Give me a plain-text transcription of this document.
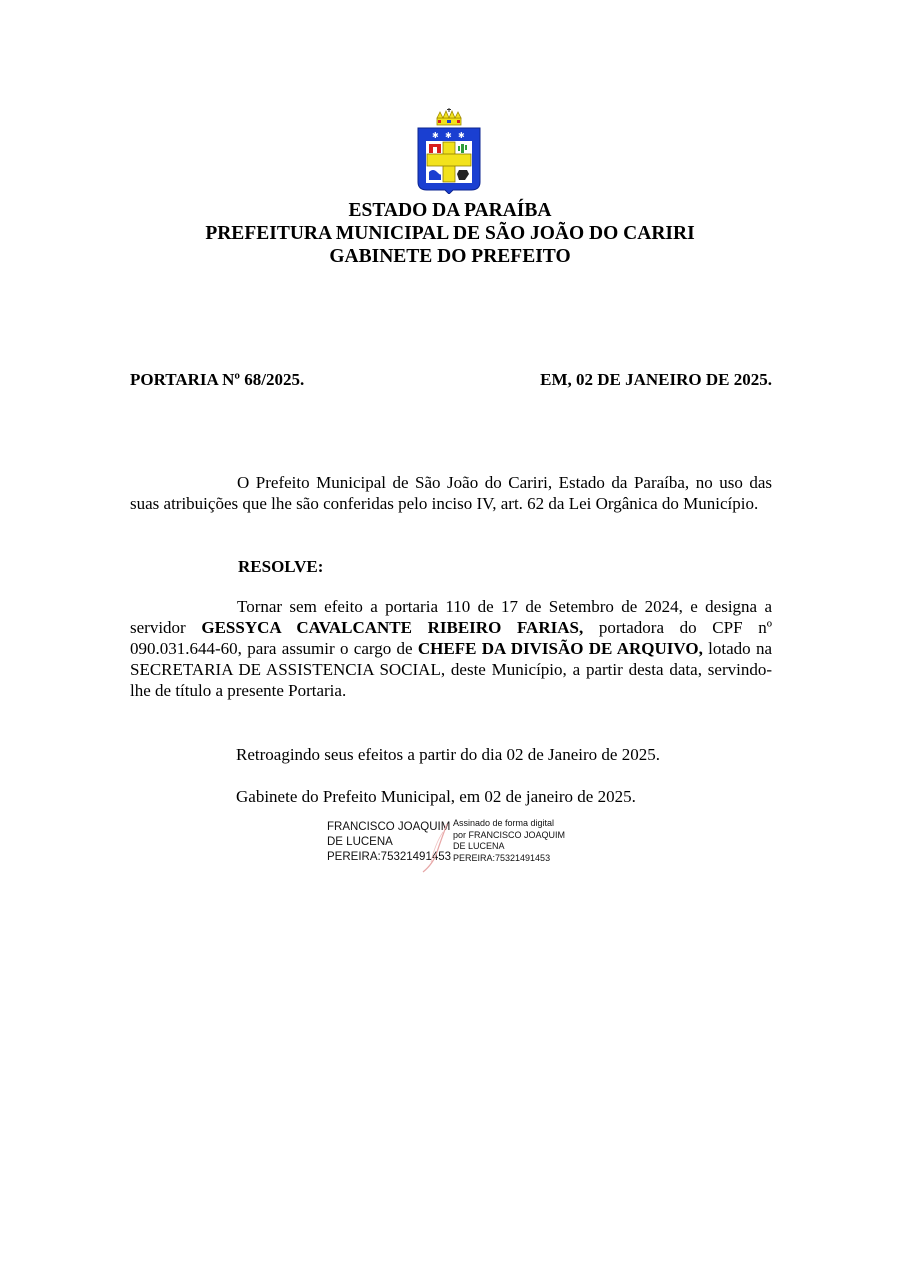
✱ ✱ ✱
ESTADO DA PARAÍBA
PREFEITURA MUNICIPAL DE SÃO JOÃO DO CARIRI
GABINETE DO PREFEITO
PORTARIA Nº 68/2025.	EM, 02 DE JANEIRO DE 2025.
O Prefeito Municipal de São João do Cariri, Estado da Paraíba, no uso das suas atribuições que lhe são conferidas pelo inciso IV, art. 62 da Lei Orgânica do Município.
RESOLVE:
Tornar sem efeito a portaria 110 de 17 de Setembro de 2024, e designa a servidor GESSYCA CAVALCANTE RIBEIRO FARIAS, portadora do CPF nº 090.031.644-60, para assumir o cargo de CHEFE DA DIVISÃO DE ARQUIVO, lotado na SECRETARIA DE ASSISTENCIA SOCIAL, deste Município, a partir desta data, servindo-lhe de título a presente Portaria.
Retroagindo seus efeitos a partir do dia 02 de Janeiro de 2025.
Gabinete do Prefeito Municipal, em 02 de janeiro de 2025.
FRANCISCO JOAQUIM
DE LUCENA
PEREIRA:75321491453
Assinado de forma digital
por FRANCISCO JOAQUIM
DE LUCENA
PEREIRA:75321491453
